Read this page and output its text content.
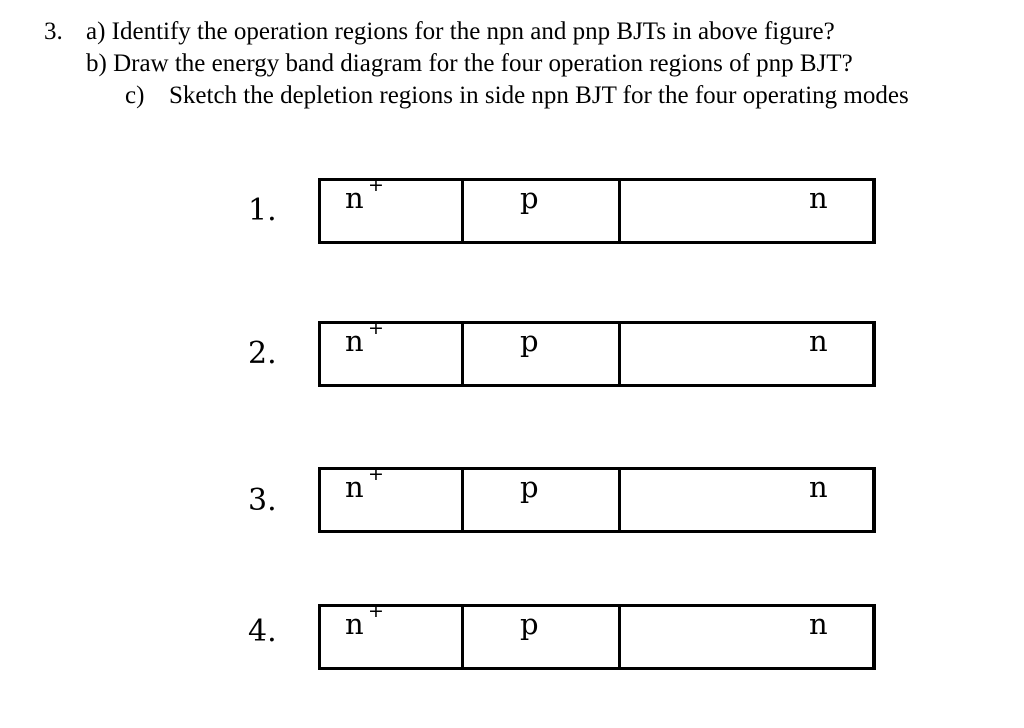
3. a) Identify the operation regions for the npn and pnp BJTs in above figure?
b) Draw the energy band diagram for the four operation regions of pnp BJT?
c) Sketch the depletion regions in side npn BJT for the four operating modes
1. n +	p	n
2. n +	p	n
3. n +	p	n
4. n +	p	n
